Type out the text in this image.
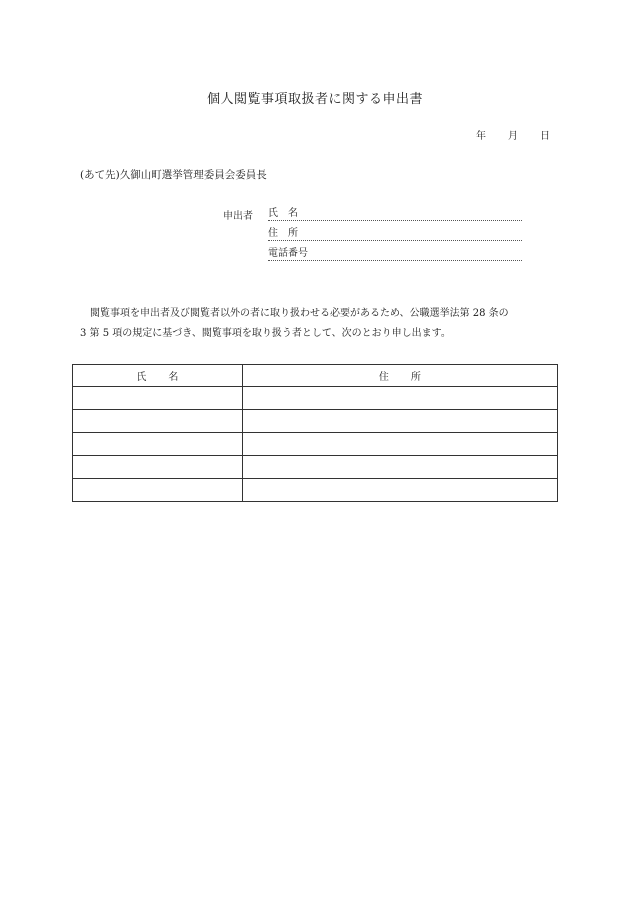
個人閲覧事項取扱者に関する申出書
年 月 日
(あて先)久御山町選挙管理委員会委員長
申出者 氏　名
住　所
電話番号

閲覧事項を申出者及び閲覧者以外の者に取り扱わせる必要があるため、公職選挙法第 28 条の

3 第 5 項の規定に基づき、閲覧事項を取り扱う者として、次のとおり申し出ます。

氏名	住所
